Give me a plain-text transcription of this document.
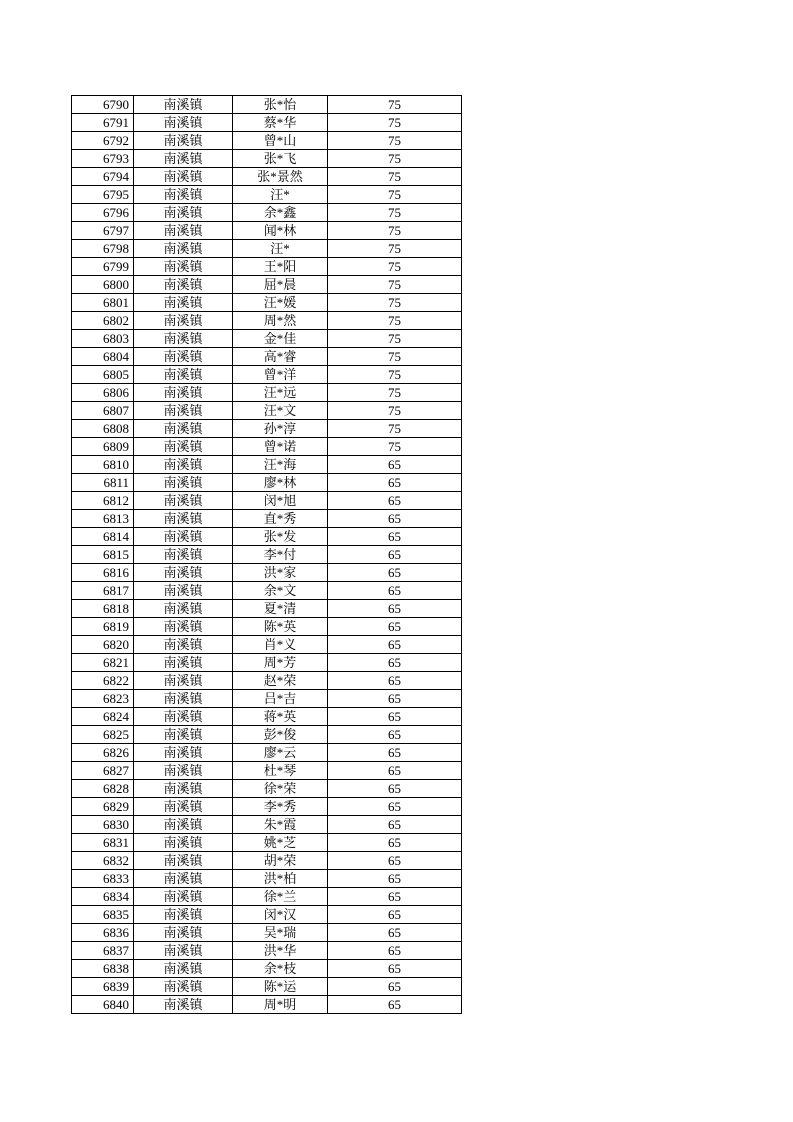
6790	南溪镇	张*怡	75
6791	南溪镇	蔡*华	75
6792	南溪镇	曾*山	75
6793	南溪镇	张*飞	75
6794	南溪镇	张*景然	75
6795	南溪镇	汪*	75
6796	南溪镇	余*鑫	75
6797	南溪镇	闻*林	75
6798	南溪镇	汪*	75
6799	南溪镇	王*阳	75
6800	南溪镇	屈*晨	75
6801	南溪镇	汪*媛	75
6802	南溪镇	周*然	75
6803	南溪镇	金*佳	75
6804	南溪镇	高*睿	75
6805	南溪镇	曾*洋	75
6806	南溪镇	汪*远	75
6807	南溪镇	汪*文	75
6808	南溪镇	孙*淳	75
6809	南溪镇	曾*诺	75
6810	南溪镇	汪*海	65
6811	南溪镇	廖*林	65
6812	南溪镇	闵*旭	65
6813	南溪镇	直*秀	65
6814	南溪镇	张*发	65
6815	南溪镇	李*付	65
6816	南溪镇	洪*家	65
6817	南溪镇	余*文	65
6818	南溪镇	夏*清	65
6819	南溪镇	陈*英	65
6820	南溪镇	肖*义	65
6821	南溪镇	周*芳	65
6822	南溪镇	赵*荣	65
6823	南溪镇	吕*吉	65
6824	南溪镇	蒋*英	65
6825	南溪镇	彭*俊	65
6826	南溪镇	廖*云	65
6827	南溪镇	杜*琴	65
6828	南溪镇	徐*荣	65
6829	南溪镇	李*秀	65
6830	南溪镇	朱*霞	65
6831	南溪镇	姚*芝	65
6832	南溪镇	胡*荣	65
6833	南溪镇	洪*柏	65
6834	南溪镇	徐*兰	65
6835	南溪镇	闵*汉	65
6836	南溪镇	吴*瑞	65
6837	南溪镇	洪*华	65
6838	南溪镇	余*枝	65
6839	南溪镇	陈*运	65
6840	南溪镇	周*明	65
